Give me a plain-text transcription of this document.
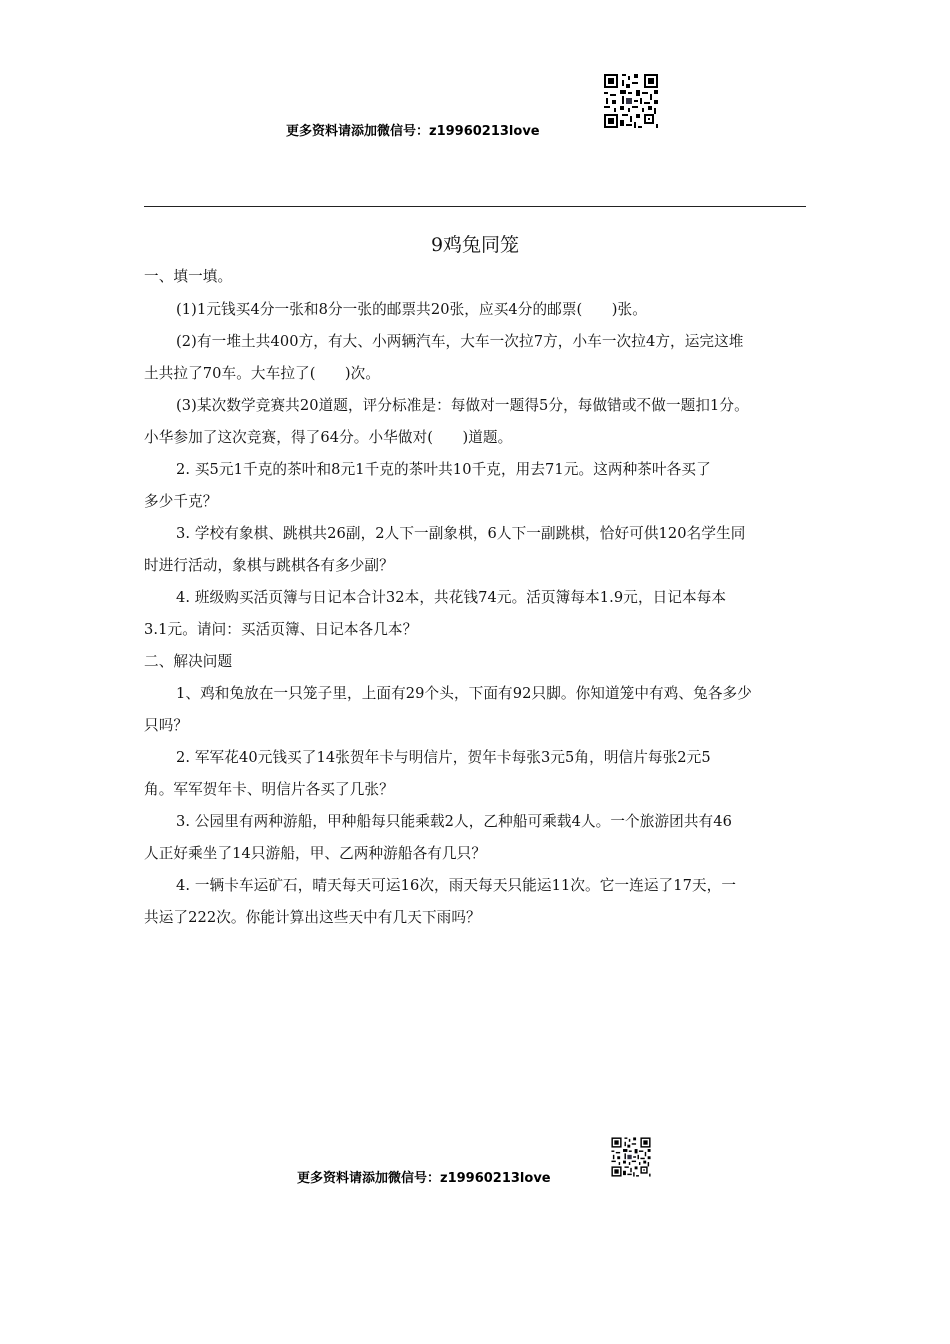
更多资料请添加微信号：z19960213love
9鸡兔同笼
一、填一填。
(1)1元钱买4分一张和8分一张的邮票共20张，应买4分的邮票(　　)张。
(2)有一堆土共400方，有大、小两辆汽车，大车一次拉7方，小车一次拉4方，运完这堆
土共拉了70车。大车拉了(　　)次。
(3)某次数学竞赛共20道题，评分标准是：每做对一题得5分，每做错或不做一题扣1分。
小华参加了这次竞赛，得了64分。小华做对(　　)道题。
2. 买5元1千克的茶叶和8元1千克的茶叶共10千克，用去71元。这两种茶叶各买了
多少千克？
3. 学校有象棋、跳棋共26副，2人下一副象棋，6人下一副跳棋，恰好可供120名学生同
时进行活动，象棋与跳棋各有多少副？
4. 班级购买活页簿与日记本合计32本，共花钱74元。活页簿每本1.9元，日记本每本
3.1元。请问：买活页簿、日记本各几本？
二、解决问题
1、鸡和兔放在一只笼子里，上面有29个头，下面有92只脚。你知道笼中有鸡、兔各多少
只吗？
2. 军军花40元钱买了14张贺年卡与明信片，贺年卡每张3元5角，明信片每张2元5
角。军军贺年卡、明信片各买了几张？
3. 公园里有两种游船，甲种船每只能乘载2人，乙种船可乘载4人。一个旅游团共有46
人正好乘坐了14只游船，甲、乙两种游船各有几只？
4. 一辆卡车运矿石，晴天每天可运16次，雨天每天只能运11次。它一连运了17天，一
共运了222次。你能计算出这些天中有几天下雨吗？
更多资料请添加微信号：z19960213love
